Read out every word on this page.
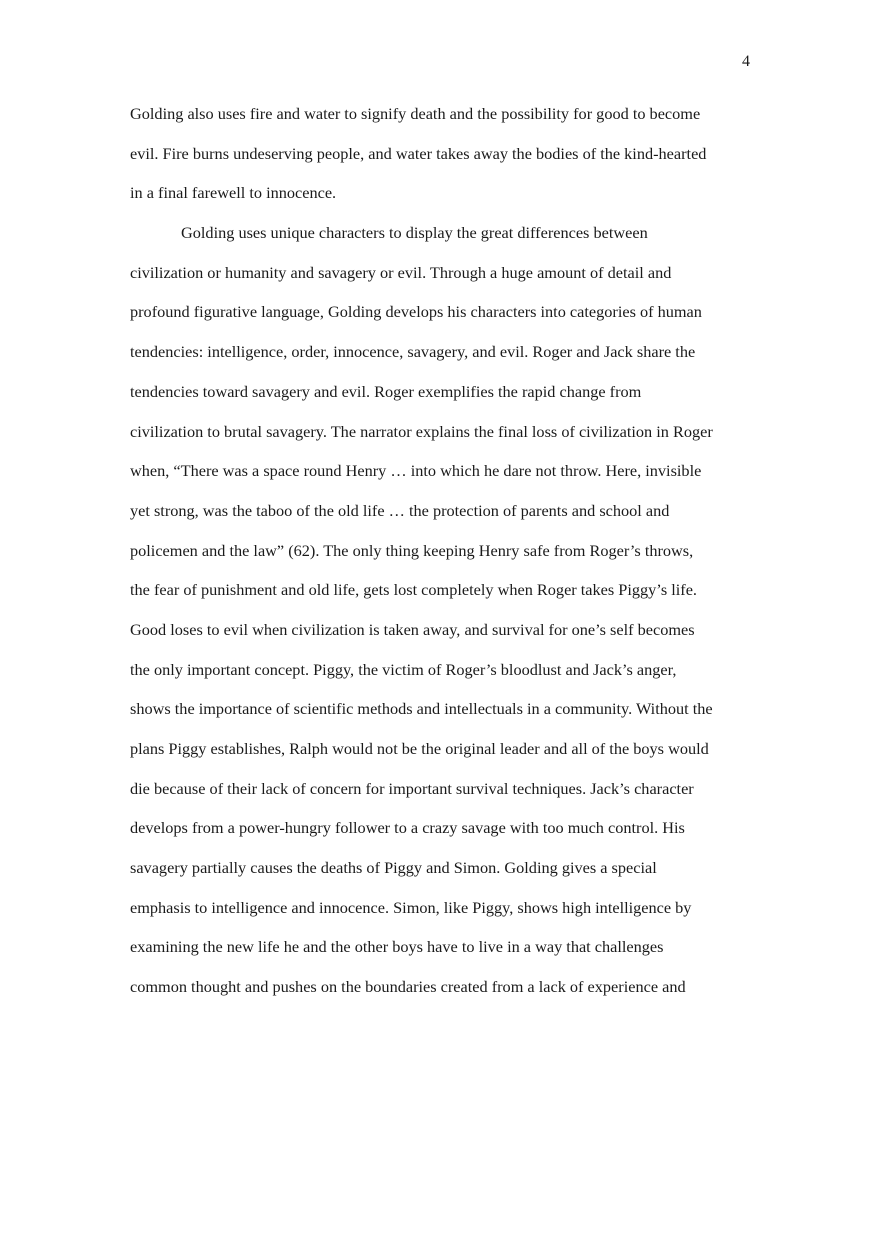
4
Golding also uses fire and water to signify death and the possibility for good to become
evil. Fire burns undeserving people, and water takes away the bodies of the kind-hearted
in a final farewell to innocence.
Golding uses unique characters to display the great differences between
civilization or humanity and savagery or evil. Through a huge amount of detail and
profound figurative language, Golding develops his characters into categories of human
tendencies: intelligence, order, innocence, savagery, and evil. Roger and Jack share the
tendencies toward savagery and evil. Roger exemplifies the rapid change from
civilization to brutal savagery. The narrator explains the final loss of civilization in Roger
when, “There was a space round Henry … into which he dare not throw. Here, invisible
yet strong, was the taboo of the old life … the protection of parents and school and
policemen and the law” (62). The only thing keeping Henry safe from Roger’s throws,
the fear of punishment and old life, gets lost completely when Roger takes Piggy’s life.
Good loses to evil when civilization is taken away, and survival for one’s self becomes
the only important concept. Piggy, the victim of Roger’s bloodlust and Jack’s anger,
shows the importance of scientific methods and intellectuals in a community. Without the
plans Piggy establishes, Ralph would not be the original leader and all of the boys would
die because of their lack of concern for important survival techniques. Jack’s character
develops from a power-hungry follower to a crazy savage with too much control. His
savagery partially causes the deaths of Piggy and Simon. Golding gives a special
emphasis to intelligence and innocence. Simon, like Piggy, shows high intelligence by
examining the new life he and the other boys have to live in a way that challenges
common thought and pushes on the boundaries created from a lack of experience and
